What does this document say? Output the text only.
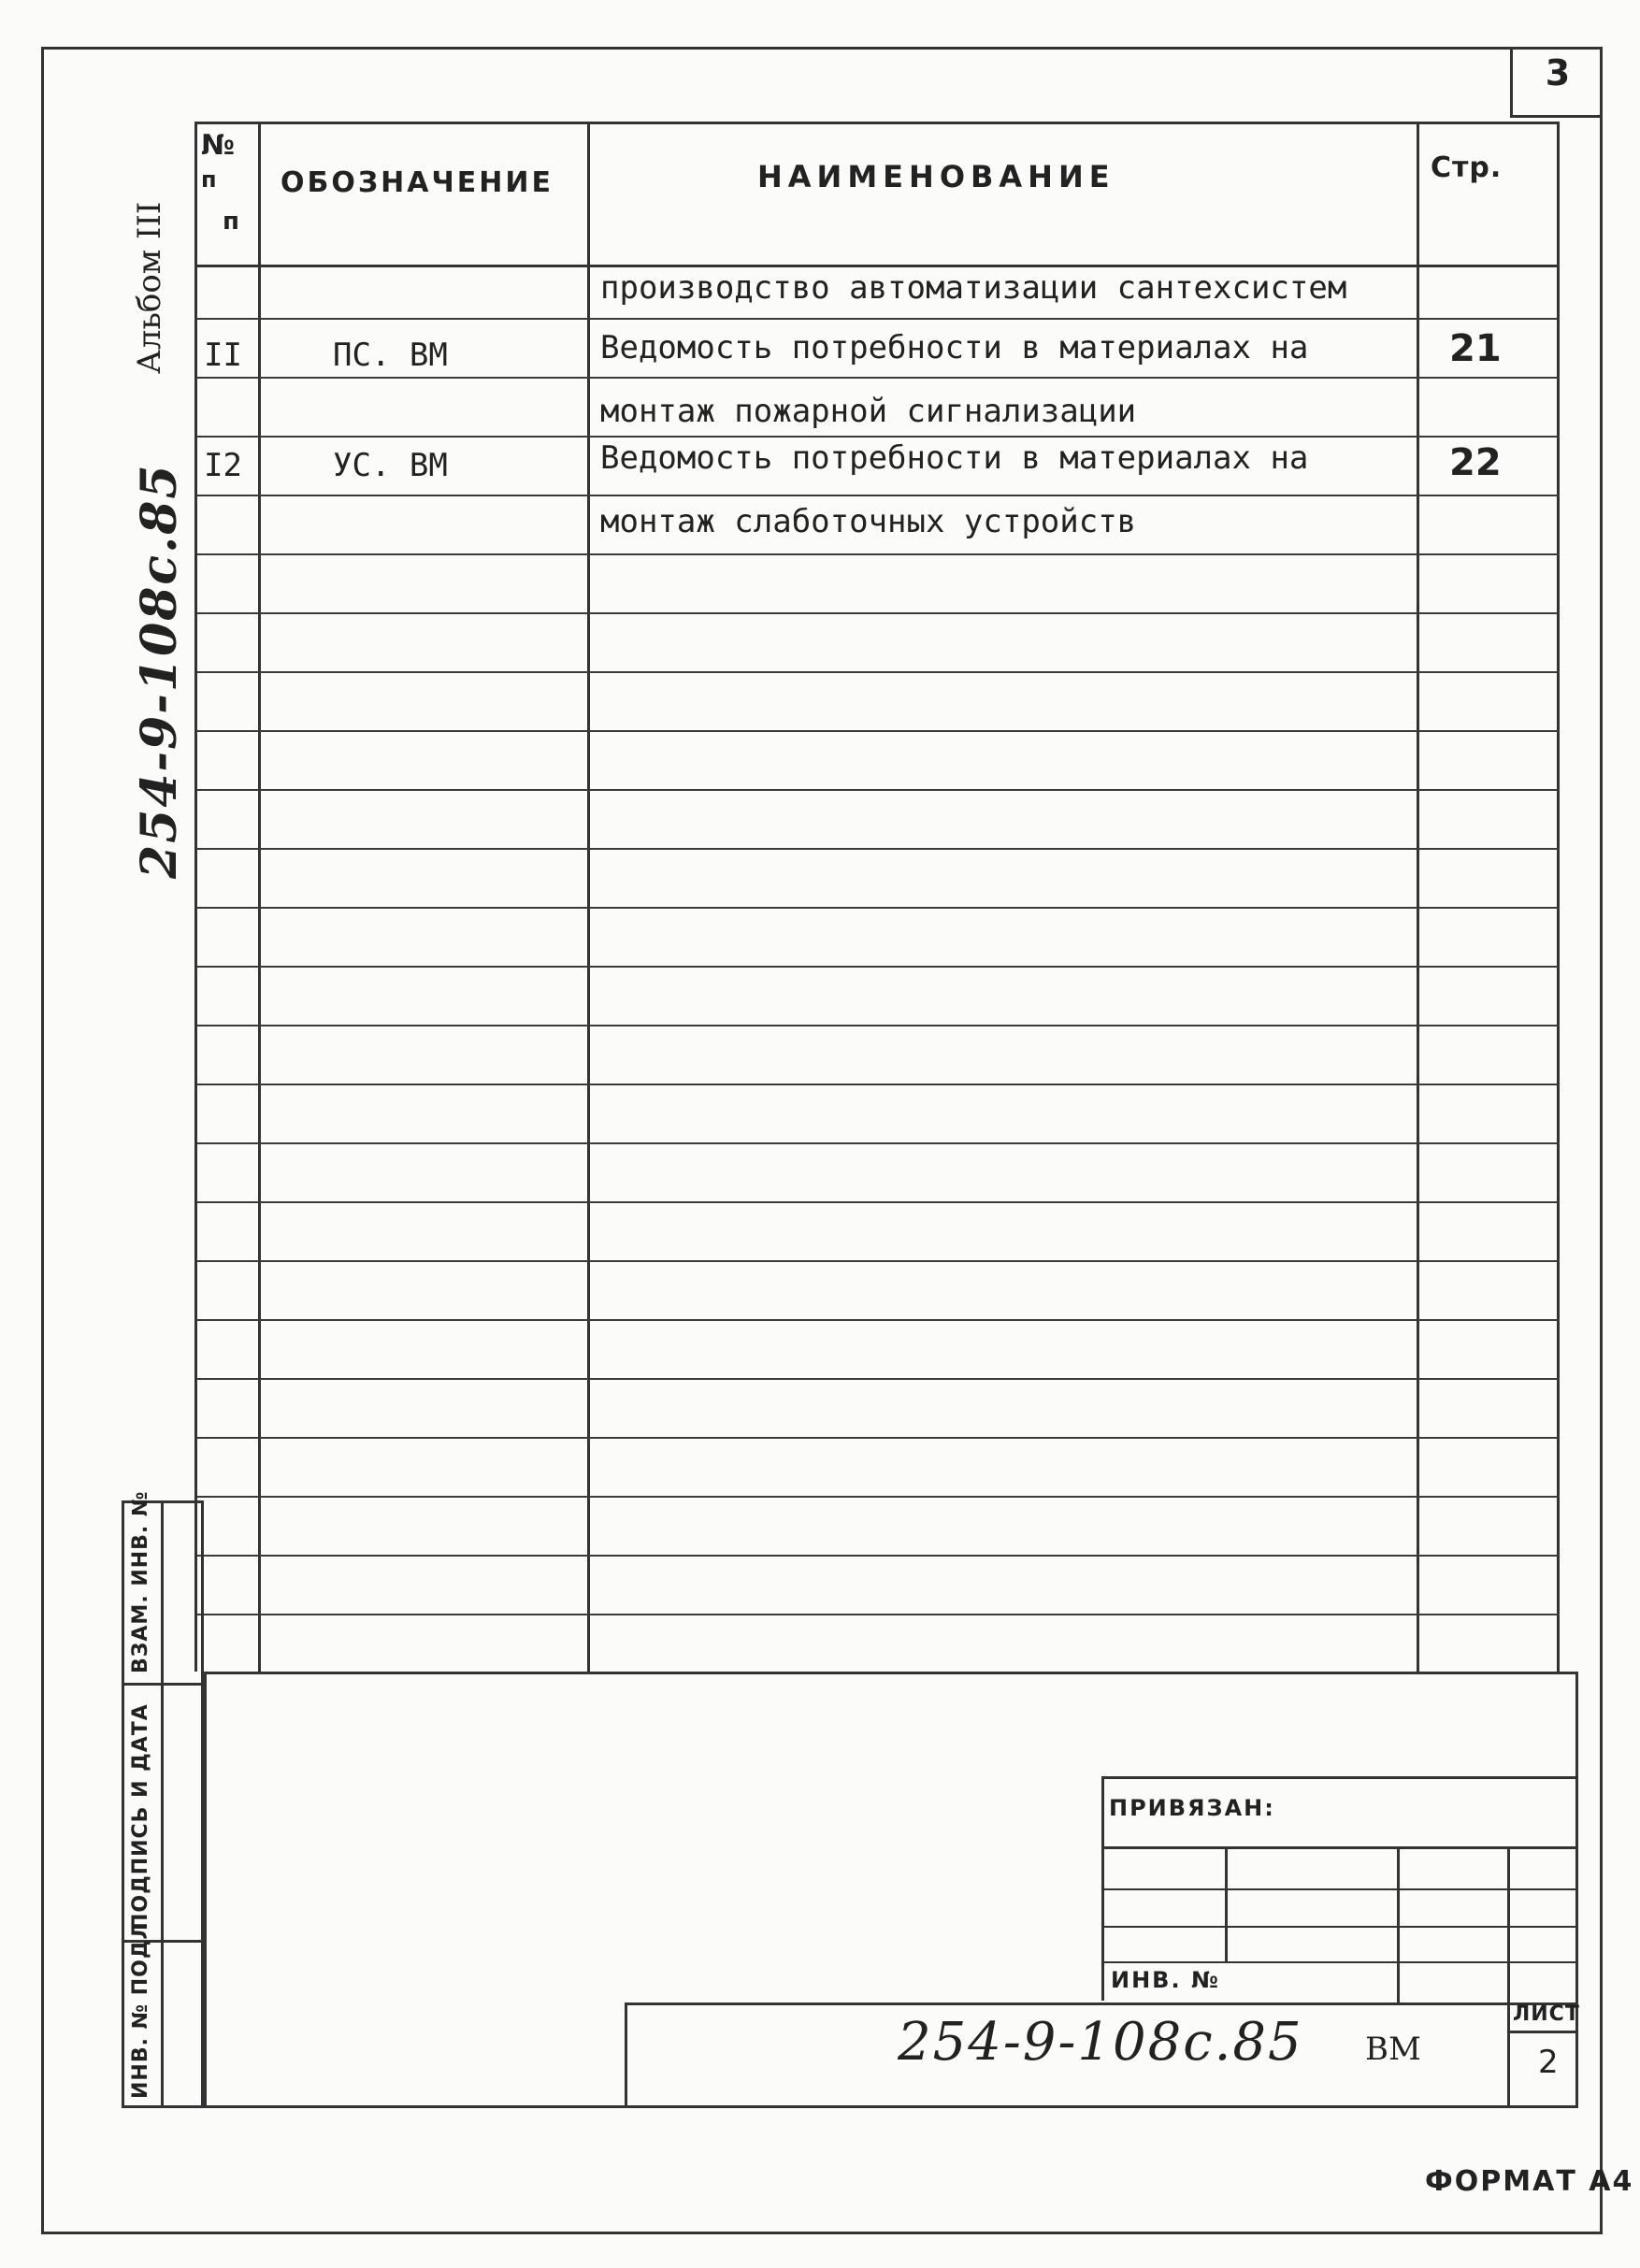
3
Альбом III
254-9-108с.85
№
п
п
ОБОЗНАЧЕНИЕ	НАИМЕНОВАНИЕ	Стр.
производство автоматизации сантехсистем
II	ПС. ВМ	Ведомость потребности в материалах на	21
монтаж пожарной сигнализации
I2	УС. ВМ	Ведомость потребности в материалах на	22
монтаж слаботочных устройств
ВЗАМ. ИНВ. №
ПОДПИСЬ И ДАТА
ИНВ. № ПОДЛ
ПРИВЯЗАН:
ИНВ. №
ЛИСТ
254-9-108с.85 ВМ	2
ФОРМАТ А4
